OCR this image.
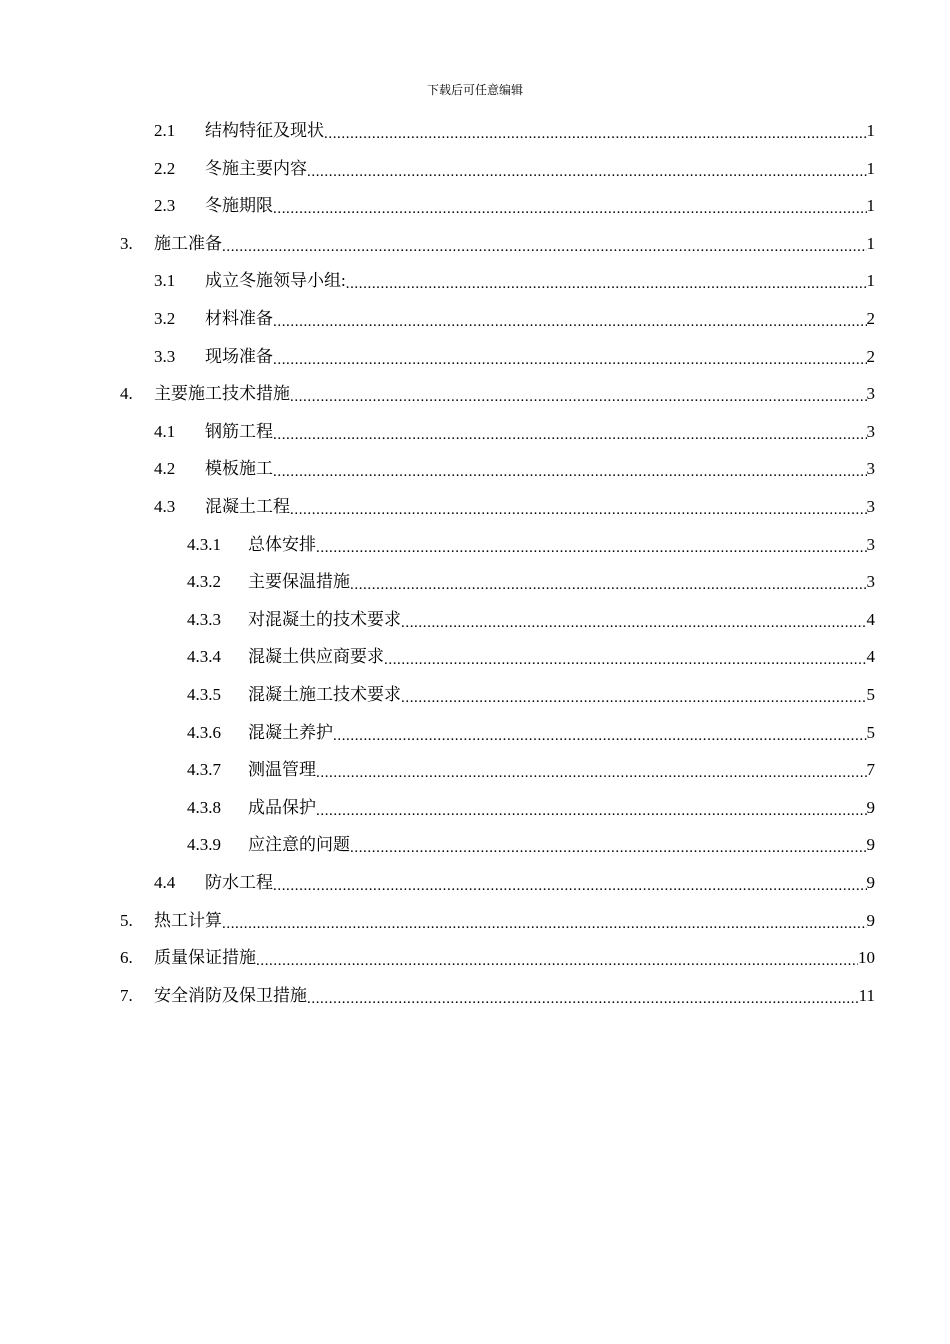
下载后可任意编辑
2.1	结构特征及现状 .....	1
2.2	冬施主要内容 .....	1
2.3	冬施期限 .....	1
3.	施工准备 .....	1
3.1	成立冬施领导小组: .....	1
3.2	材料准备 .....	2
3.3	现场准备 .....	2
4.	主要施工技术措施 .....	3
4.1	钢筋工程 .....	3
4.2	模板施工 .....	3
4.3	混凝土工程 .....	3
4.3.1	总体安排 .....	3
4.3.2	主要保温措施 .....	3
4.3.3	对混凝土的技术要求 .....	4
4.3.4	混凝土供应商要求 .....	4
4.3.5	混凝土施工技术要求 .....	5
4.3.6	混凝土养护 .....	5
4.3.7	测温管理 .....	7
4.3.8	成品保护 .....	9
4.3.9	应注意的问题 .....	9
4.4	防水工程 .....	9
5.	热工计算 .....	9
6.	质量保证措施 .....	10
7.	安全消防及保卫措施 .....	11
